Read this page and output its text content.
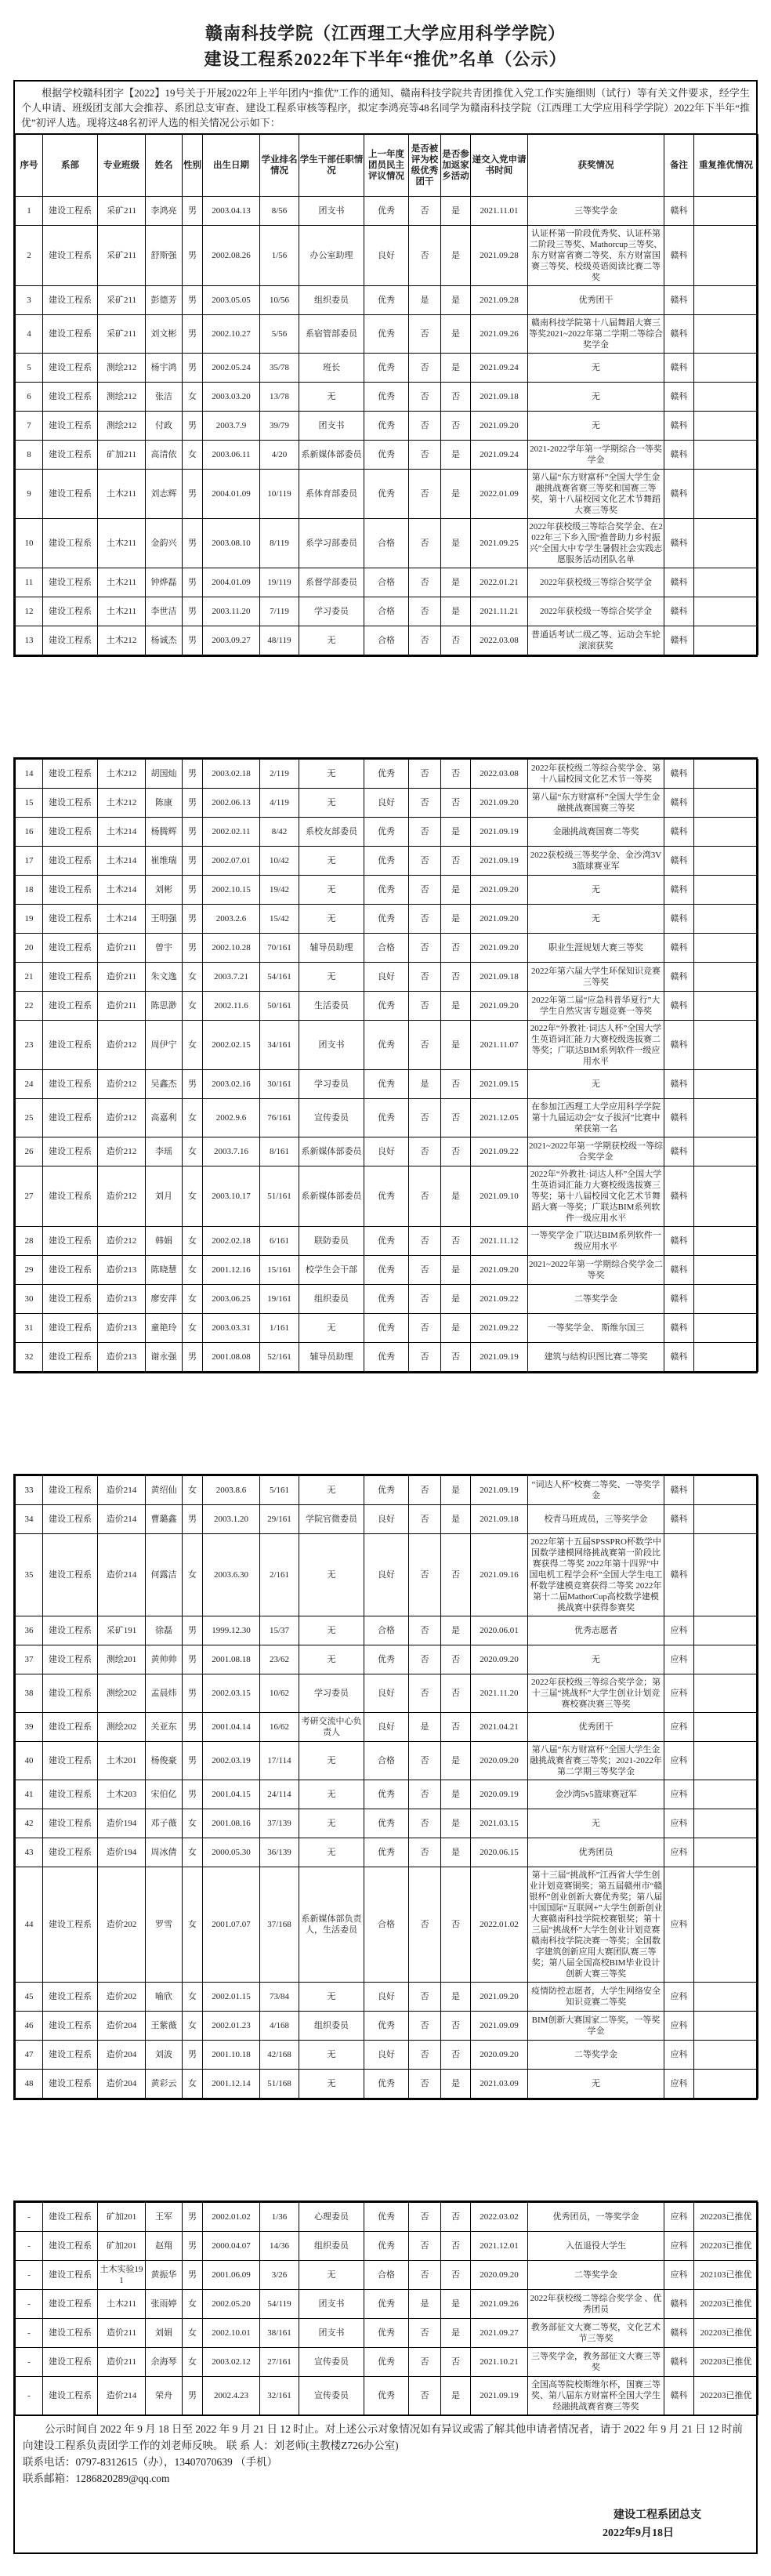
赣南科技学院（江西理工大学应用科学学院）
建设工程系2022年下半年“推优”名单（公示）
根据学校赣科团字【2022】19号关于开展2022年上半年团内“推优”工作的通知、赣南科技学院共青团推优入党工作实施细则（试行）等有关文件要求，经学生个人申请、班级团支部大会推荐、系团总支审查、建设工程系审核等程序，拟定李鸿亮等48名同学为赣南科技学院（江西理工大学应用科学学院）2022年下半年“推优”初评人选。现将这48名初评人选的相关情况公示如下：
序号	系部	专业班级	姓名	性别	出生日期	学业排名情况	学生干部任职情况	上一年度团员民主评议情况	是否被评为校级优秀团干	是否参加返家乡活动	递交入党申请书时间	获奖情况	备注	重复推优情况
1	建设工程系	采矿211	李鸿亮	男	2003.04.13	8/56	团支书	优秀	否	是	2021.11.01	三等奖学金	赣科	
2	建设工程系	采矿211	舒斯强	男	2002.08.26	1/56	办公室助理	良好	否	是	2021.09.28	认证杯第一阶段优秀奖、认证杯第二阶段三等奖、Mathorcup三等奖、东方财富省赛二等奖、东方财富国赛三等奖、校级英语阅读比赛二等奖	赣科	
3	建设工程系	采矿211	彭德芳	男	2003.05.05	10/56	组织委员	优秀	是	是	2021.09.28	优秀团干	赣科	
4	建设工程系	采矿211	刘文彬	男	2002.10.27	5/56	系宿管部委员	优秀	否	是	2021.09.26	赣南科技学院第十八届舞蹈大赛三等奖2021~2022年第二学期二等综合奖学金	赣科	
5	建设工程系	测绘212	杨宇鸿	男	2002.05.24	35/78	班长	优秀	否	是	2021.09.24	无	赣科	
6	建设工程系	测绘212	张洁	女	2003.03.20	13/78	无	优秀	否	否	2021.09.18	无	赣科	
7	建设工程系	测绘212	付政	男	2003.7.9	39/79	团支书	优秀	否	否	2021.09.20	无	赣科	
8	建设工程系	矿加211	高清依	女	2003.06.11	4/20	系新媒体部委员	优秀	否	是	2021.09.24	2021-2022学年第一学期综合一等奖学金	赣科	
9	建设工程系	土木211	刘志辉	男	2004.01.09	10/119	系体育部委员	优秀	否	是	2022.01.09	第八届“东方财富杯”全国大学生金融挑战赛省赛三等奖和国赛三等奖，第十八届校园文化艺术节舞蹈大赛三等奖	赣科	
10	建设工程系	土木211	金韵兴	男	2003.08.10	8/119	系学习部委员	合格	否	是	2021.09.25	2022年获校级三等综合奖学金、在2022年三下乡入围“推普助力乡村振兴”全国大中专学生暑假社会实践志愿服务活动团队名单	赣科	
11	建设工程系	土木211	钟烨磊	男	2004.01.09	19/119	系督学部委员	合格	否	是	2022.01.21	2022年获校级三等综合奖学金	赣科	
12	建设工程系	土木211	李世洁	男	2003.11.20	7/119	学习委员	合格	否	是	2021.11.21	2022年获校级一等综合奖学金	赣科	
13	建设工程系	土木212	杨诚杰	男	2003.09.27	48/119	无	合格	否	否	2022.03.08	普通话考试二级乙等、运动会车轮滚滚获奖	赣科	
14	建设工程系	土木212	胡国灿	男	2003.02.18	2/119	无	优秀	否	否	2022.03.08	2022年获校级二等综合奖学金、第十八届校园文化艺术节一等奖	赣科	
15	建设工程系	土木212	陈康	男	2002.06.13	4/119	无	良好	否	否	2021.09.20	第八届“东方财富杯”全国大学生金融挑战赛国赛三等奖	赣科	
16	建设工程系	土木214	杨腾辉	男	2002.02.11	8/42	系校友部委员	优秀	否	是	2021.09.19	金融挑战赛国赛二等奖	赣科	
17	建设工程系	土木214	崔维瑞	男	2002.07.01	10/42	无	优秀	否	否	2021.09.19	2022获校级三等奖学金、金沙湾3V3篮球赛亚军	赣科	
18	建设工程系	土木214	刘彬	男	2002.10.15	19/42	无	优秀	否	是	2021.09.20	无	赣科	
19	建设工程系	土木214	王明强	男	2003.2.6	15/42	无	优秀	否	是	2021.09.20	无	赣科	
20	建设工程系	造价211	曾宇	男	2002.10.28	70/161	辅导员助理	合格	否	否	2021.09.20	职业生涯规划大赛三等奖	赣科	
21	建设工程系	造价211	朱文逸	女	2003.7.21	54/161	无	良好	否	否	2021.09.18	2022年第六届大学生环保知识竞赛三等奖	赣科	
22	建设工程系	造价211	陈思渺	女	2002.11.6	50/161	生活委员	优秀	否	是	2021.09.20	2022年第二届“应急科普华夏行”大学生自然灾害专题竞赛一等奖	赣科	
23	建设工程系	造价212	周伊宁	女	2002.02.15	34/161	团支书	优秀	否	是	2021.11.07	2022年“外教社·词达人杯”全国大学生英语词汇能力大赛校级选拔赛二等奖；广联达BIM系列软件一级应用水平	赣科	
24	建设工程系	造价212	吴鑫杰	男	2003.02.16	30/161	学习委员	优秀	是	否	2021.09.15	无	赣科	
25	建设工程系	造价212	高嘉利	女	2002.9.6	76/161	宣传委员	优秀	否	否	2021.12.05	在参加江西理工大学应用科学学院第十九届运动会“女子拔河”比赛中荣获第一名	赣科	
26	建设工程系	造价212	李瑶	女	2003.7.16	8/161	系新媒体部委员	良好	否	否	2021.09.22	2021~2022年第一学期获校级一等综合奖学金	赣科	
27	建设工程系	造价212	刘月	女	2003.10.17	51/161	系新媒体部委员	优秀	否	是	2021.09.10	2022年“外教社·词达人杯”全国大学生英语词汇能力大赛校级选拔赛三等奖；第十八届校园文化艺术节舞蹈大赛一等奖；广联达BIM系列软件一级应用水平	赣科	
28	建设工程系	造价212	韩娟	女	2002.02.18	6/161	联防委员	优秀	否	否	2021.11.12	一等奖学金 广联达BIM系列软件一级应用水平	赣科	
29	建设工程系	造价213	陈晓慧	女	2001.12.16	15/161	校学生会干部	优秀	否	是	2021.09.20	2021~2022年第一学期综合奖学金二等奖	赣科	
30	建设工程系	造价213	廖安萍	女	2003.06.25	19/161	组织委员	优秀	否	是	2021.09.22	二等奖学金	赣科	
31	建设工程系	造价213	童艳玲	女	2003.03.31	1/161	无	优秀	否	是	2021.09.22	一等奖学金、 斯维尔国三	赣科	
32	建设工程系	造价213	谢永强	男	2001.08.08	52/161	辅导员助理	优秀	否	否	2021.09.19	建筑与结构识图比赛二等奖	赣科	
33	建设工程系	造价214	黄绍仙	女	2003.8.6	5/161	无	优秀	否	是	2021.09.19	“词达人杯”校赛二等奖、一等奖学金	赣科	
34	建设工程系	造价214	曹璐鑫	男	2003.1.20	29/161	学院官微委员	良好	否	是	2021.09.18	校青马班成员，三等奖学金	赣科	
35	建设工程系	造价214	何露洁	女	2003.6.30	2/161	无	良好	否	否	2021.09.16	2022年第十五届SPSSPRO杯数学中国数学建模网络挑战赛第一阶段比赛获得二等奖 2022年第十四界“中国电机工程学会杯”全国大学生电工杯数学建模竞赛获得二等奖 2022年第十二届MathorCup高校数学建模挑战赛中获得参赛奖	赣科	
36	建设工程系	采矿191	徐磊	男	1999.12.30	15/37	无	合格	否	是	2020.06.01	优秀志愿者	应科	
37	建设工程系	测绘201	黄帅帅	男	2001.08.18	23/62	无	优秀	否	否	2020.09.20	无	应科	
38	建设工程系	测绘202	孟晨炜	男	2002.03.15	10/62	学习委员	良好	否	否	2021.11.20	2022年获校级三等综合奖学金；第十三届“挑战杯”大学生创业计划竞赛校赛决赛三等奖	应科	
39	建设工程系	测绘202	关亚东	男	2001.04.14	16/62	考研交流中心负责人	良好	是	否	2021.04.21	优秀团干	应科	
40	建设工程系	土木201	杨俊豪	男	2002.03.19	17/114	无	合格	否	是	2020.09.20	第八届“东方财富杯”全国大学生金融挑战赛省赛三等奖；2021-2022年第二学期三等奖学金	应科	
41	建设工程系	土木203	宋伯亿	男	2001.04.15	24/114	无	优秀	否	是	2020.09.19	金沙湾5v5篮球赛冠军	应科	
42	建设工程系	造价194	邓子薇	女	2001.08.16	37/139	无	优秀	否	是	2021.03.15	无	应科	
43	建设工程系	造价194	周冰倩	女	2000.05.30	36/139	无	优秀	否	是	2020.06.15	优秀团员	应科	
44	建设工程系	造价202	罗雪	女	2001.07.07	37/168	系新媒体部负责人，生活委员	合格	否	否	2022.01.02	第十三届“挑战杯”江西省大学生创业计划竞赛铜奖；第五届赣州市“赣银杯”创业创新大赛优秀奖；第八届中国国际“互联网+”大学生创新创业大赛赣南科技学院校赛银奖；第十三届“挑战杯”大学生创业计划竞赛赣南科技学院决赛一等奖；全国数字建筑创新应用大赛团队赛三等奖；第八届全国高校BIM毕业设计创新大赛三等奖	应科	
45	建设工程系	造价202	喻欣	女	2002.01.15	73/84	无	良好	否	是	2021.09.20	疫情防控志愿者，大学生网络安全知识竞赛二等奖	应科	
46	建设工程系	造价204	王紫薇	女	2002.01.23	4/168	组织委员	优秀	否	否	2021.09.09	BIM创新大赛国家二等奖，一等奖学金	应科	
47	建设工程系	造价204	刘波	男	2001.10.18	42/168	无	良好	否	否	2020.09.20	二等奖学金	应科	
48	建设工程系	造价204	黄彩云	女	2001.12.14	51/168	无	优秀	否	是	2021.03.09	无	应科	
-	建设工程系	矿加201	王军	男	2002.01.02	1/36	心理委员	优秀	否	否	2022.03.02	优秀团员，一等奖学金	应科	202203已推优
-	建设工程系	矿加201	赵翔	男	2000.04.07	14/36	组织委员	优秀	否	否	2021.12.01	入伍退役大学生	应科	202203已推优
-	建设工程系	土木实验191	黄振华	男	2001.06.09	3/26	无	合格	否	否	2020.09.20	二等奖学金	应科	202103已推优
-	建设工程系	土木211	张雨婷	女	2002.05.20	54/119	团支书	优秀	是	是	2021.09.26	2022年获校级二等综合奖学金 、优秀团员	赣科	202203已推优
-	建设工程系	造价211	刘娟	女	2002.10.01	38/161	团支书	优秀	否	是	2021.09.27	教务部征文大赛二等奖，文化艺术节三等奖	赣科	202203已推优
-	建设工程系	造价211	余海琴	女	2003.02.12	27/161	宣传委员	优秀	否	否	2021.10.21	三等奖学金，教务部征文大赛三等奖	赣科	202203已推优
-	建设工程系	造价214	荣舟	男	2002.4.23	32/161	宣传委员	优秀	否	是	2021.09.19	全国高等院校斯维尔杯，国赛三等奖、第八届东方财富杯全国大学生经融挑战赛省赛三等奖	赣科	202203已推优
公示时间自 2022 年 9 月 18 日至 2022 年 9 月 21 日 12 时止。对上述公示对象情况如有异议或需了解其他申请者情况者，请于 2022 年 9 月 21 日 12 时前向建设工程系负责团学工作的刘老师反映。 联 系 人：刘老师(主教楼Z726办公室)
联系电话：0797-8312615（办），13407070639 （手机）
联系邮箱：1286820289@qq.com
建设工程系团总支
2022年9月18日
